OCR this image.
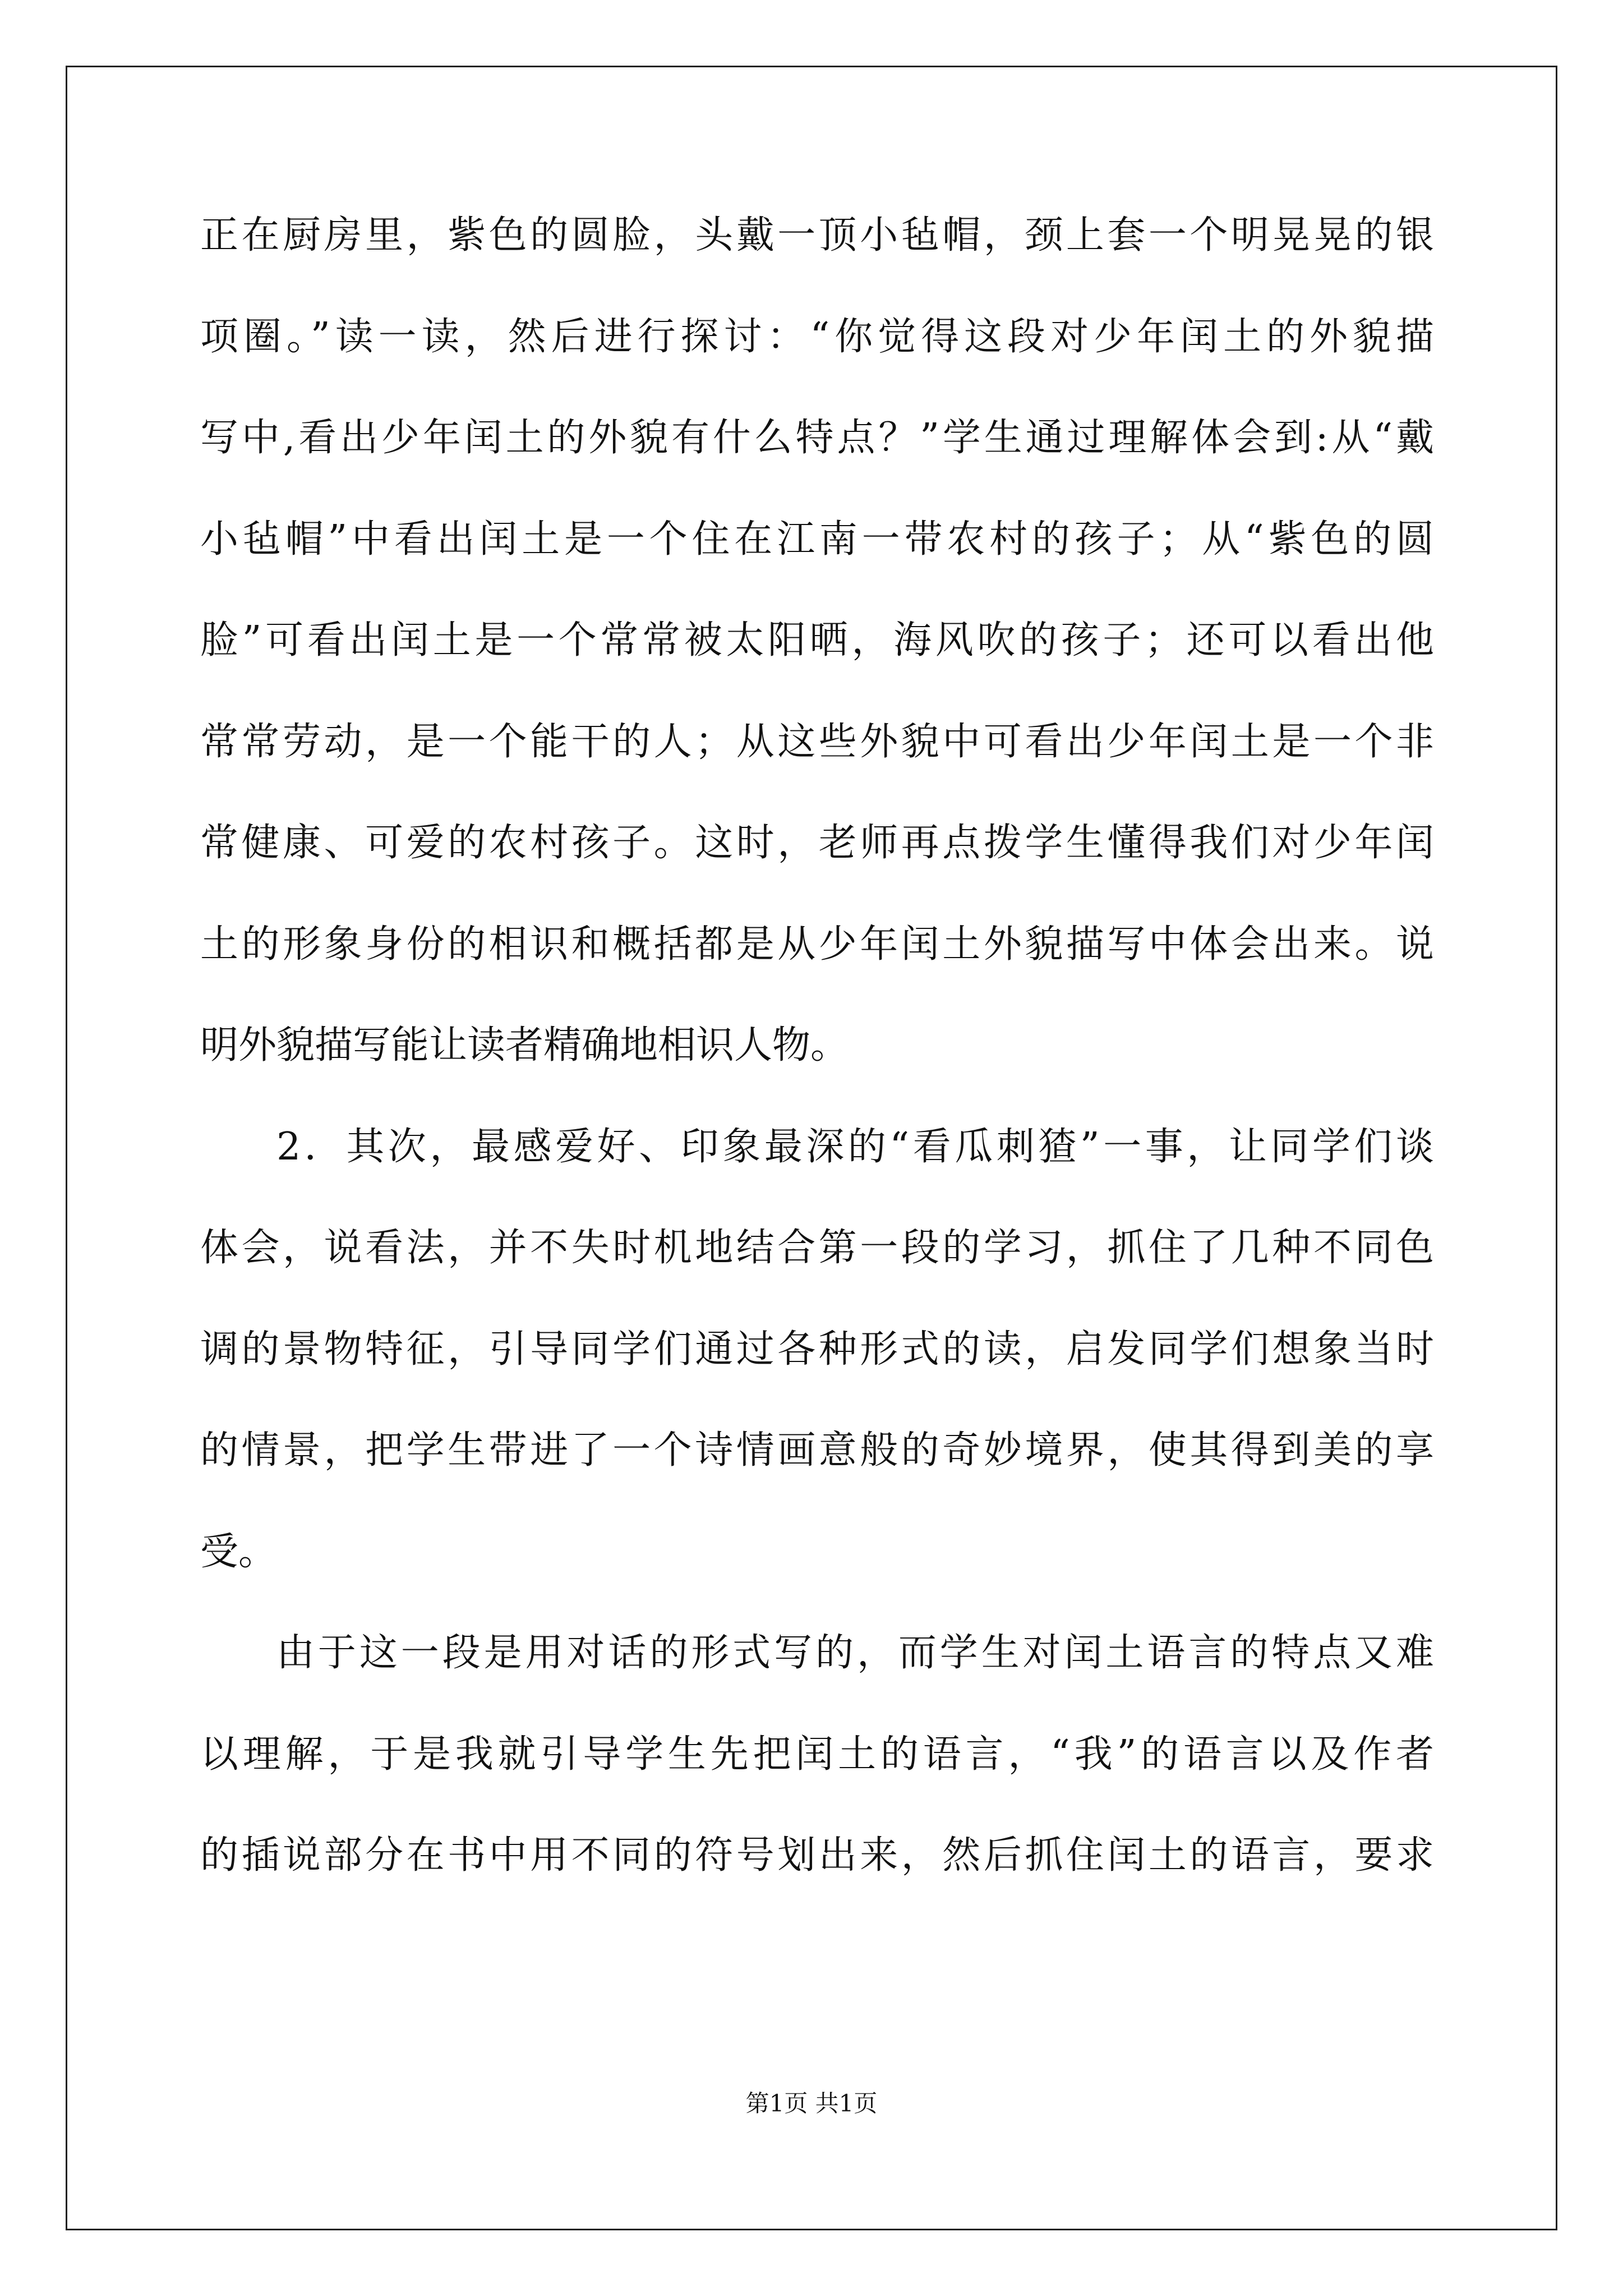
正在厨房里，紫色的圆脸，头戴一顶小毡帽，颈上套一个明晃晃的银
项圈。”读一读，然后进行探讨：“你觉得这段对少年闰土的外貌描
写中,看出少年闰土的外貌有什么特点？”学生通过理解体会到:从“戴
小毡帽”中看出闰土是一个住在江南一带农村的孩子；从“紫色的圆
脸”可看出闰土是一个常常被太阳晒，海风吹的孩子；还可以看出他
常常劳动，是一个能干的人；从这些外貌中可看出少年闰土是一个非
常健康、可爱的农村孩子。这时，老师再点拨学生懂得我们对少年闰
土的形象身份的相识和概括都是从少年闰土外貌描写中体会出来。说
明外貌描写能让读者精确地相识人物。
2．其次，最感爱好、印象最深的“看瓜刺猹”一事，让同学们谈
体会，说看法，并不失时机地结合第一段的学习，抓住了几种不同色
调的景物特征，引导同学们通过各种形式的读，启发同学们想象当时
的情景，把学生带进了一个诗情画意般的奇妙境界，使其得到美的享
受。
由于这一段是用对话的形式写的，而学生对闰土语言的特点又难
以理解，于是我就引导学生先把闰土的语言，“我”的语言以及作者
的插说部分在书中用不同的符号划出来，然后抓住闰土的语言，要求
第1页 共1页
